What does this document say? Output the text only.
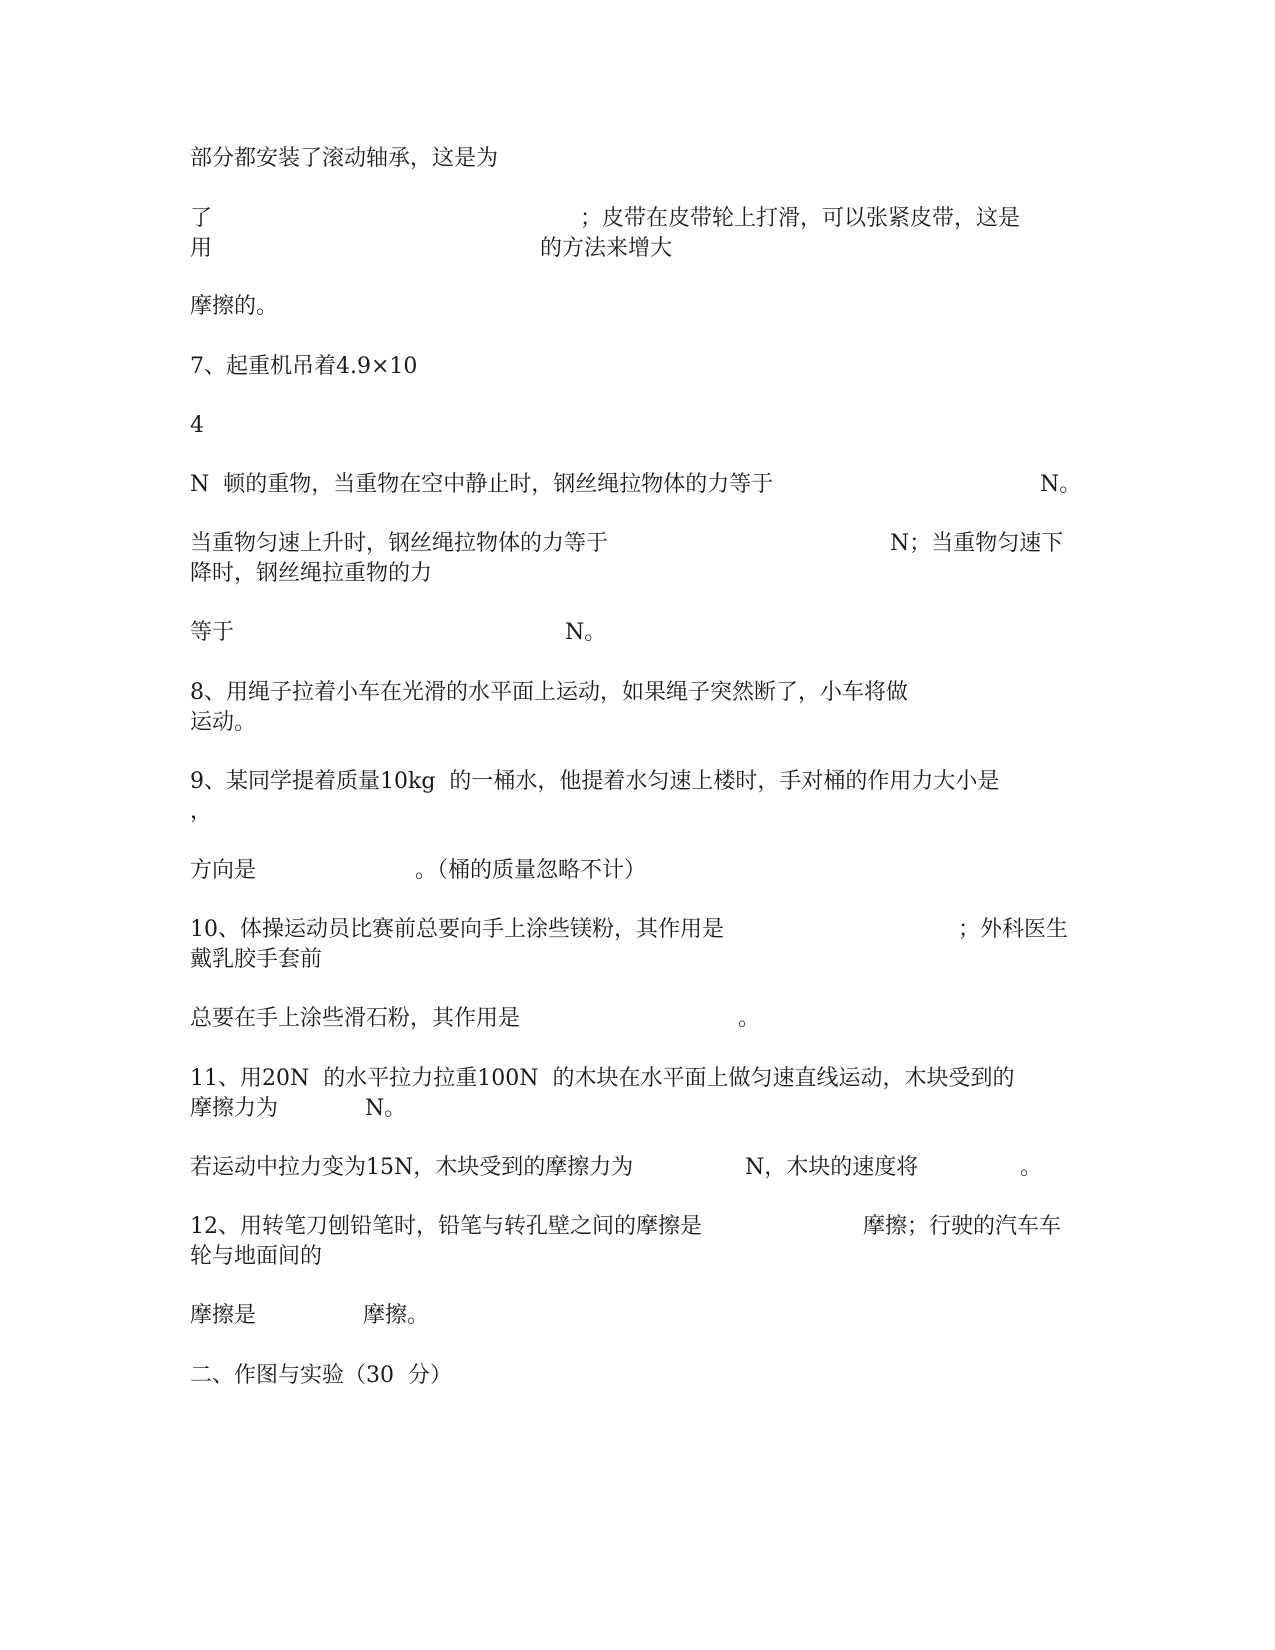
部分都安装了滚动轴承，这是为

了	；皮带在皮带轮上打滑，可以张紧皮带，这是

用	的方法来增大

摩擦的。

7、起重机吊着4.9×10

4

N  顿的重物，当重物在空中静止时，钢丝绳拉物体的力等于	N。

当重物匀速上升时，钢丝绳拉物体的力等于	N；当重物匀速下

降时，钢丝绳拉重物的力

等于	N。

8、用绳子拉着小车在光滑的水平面上运动，如果绳子突然断了，小车将做

运动。

9、某同学提着质量10kg  的一桶水，他提着水匀速上楼时，手对桶的作用力大小是

，

方向是	。（桶的质量忽略不计）

10、体操运动员比赛前总要向手上涂些镁粉，其作用是	；外科医生

戴乳胶手套前

总要在手上涂些滑石粉，其作用是	。

11、用20N  的水平拉力拉重100N  的木块在水平面上做匀速直线运动，木块受到的

摩擦力为	N。

若运动中拉力变为15N，木块受到的摩擦力为	N，木块的速度将	。

12、用转笔刀刨铅笔时，铅笔与转孔壁之间的摩擦是	摩擦；行驶的汽车车

轮与地面间的

摩擦是	摩擦。

二、作图与实验（30  分）
